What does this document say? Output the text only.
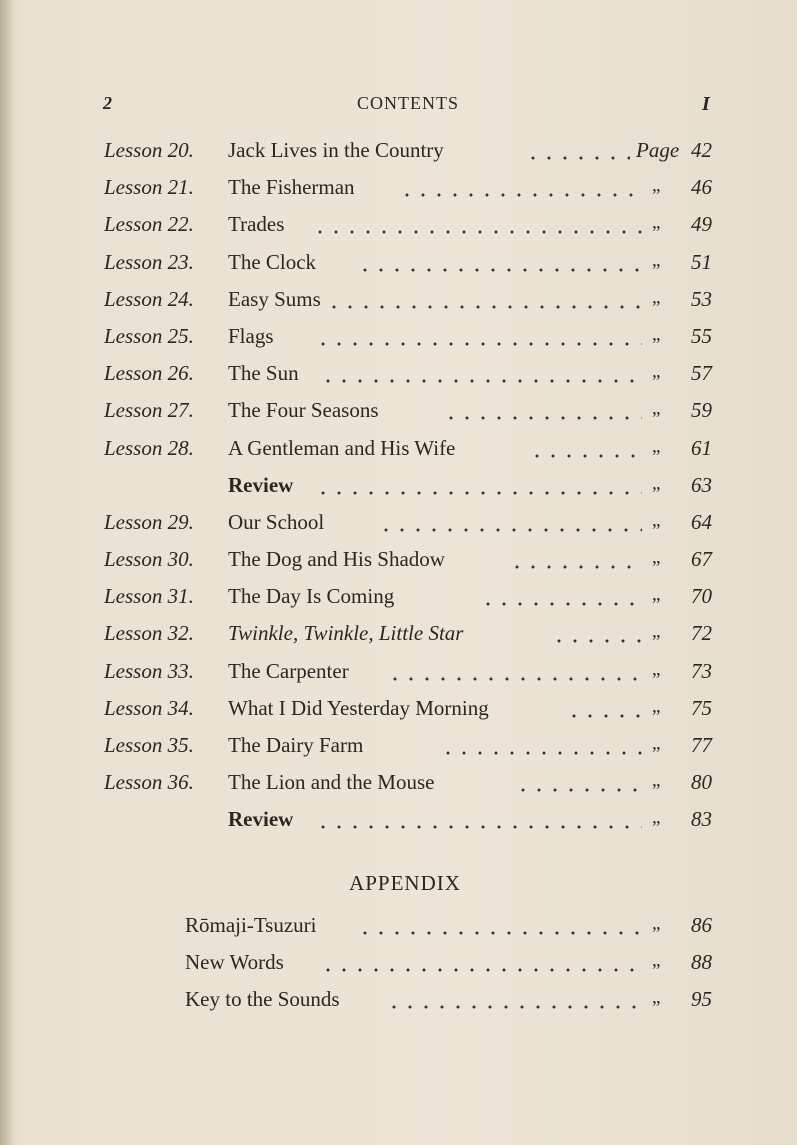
2	CONTENTS	I
Lesson 20. Jack Lives in the Country	Page 42
Lesson 21. The Fisherman	„ 46
Lesson 22. Trades	„ 49
Lesson 23. The Clock	„ 51
Lesson 24. Easy Sums	„ 53
Lesson 25. Flags	„ 55
Lesson 26. The Sun	„ 57
Lesson 27. The Four Seasons	„ 59
Lesson 28. A Gentleman and His Wife	„ 61
Review	„ 63
Lesson 29. Our School	„ 64
Lesson 30. The Dog and His Shadow	„ 67
Lesson 31. The Day Is Coming	„ 70
Lesson 32. Twinkle, Twinkle, Little Star	„ 72
Lesson 33. The Carpenter	„ 73
Lesson 34. What I Did Yesterday Morning	„ 75
Lesson 35. The Dairy Farm	„ 77
Lesson 36. The Lion and the Mouse	„ 80
Review	„ 83
APPENDIX
Rōmaji-Tsuzuri	„ 86
New Words	„ 88
Key to the Sounds	„ 95
